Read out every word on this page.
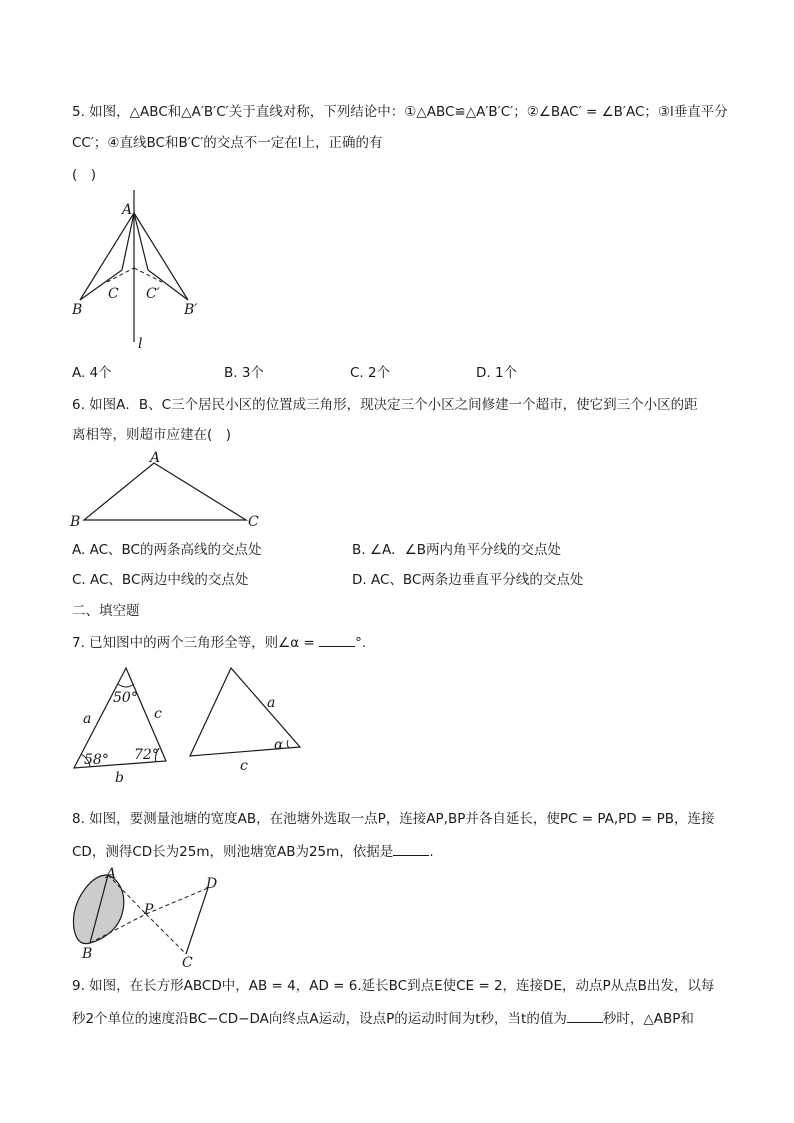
5. 如图，△ABC和△A′B′C′关于直线对称，下列结论中：①△ABC≌△A′B′C′；②∠BAC′ = ∠B′AC；③l垂直平分
CC′；④直线BC和B′C′的交点不一定在l上，正确的有
(　)
A
B
C C′
B′
l
A. 4个	B. 3个	C. 2个	D. 1个
6. 如图A．B、C三个居民小区的位置成三角形，现决定三个小区之间修建一个超市，使它到三个小区的距
离相等，则超市应建在(　)
A
B	C
A. AC、BC的两条高线的交点处	B. ∠A．∠B两内角平分线的交点处
C. AC、BC两边中线的交点处	D. AC、BC两条边垂直平分线的交点处
二、填空题
7. 已知图中的两个三角形全等，则∠α =	°.
50°
58° 72°
a
b
c
a
c
α
8. 如图，要测量池塘的宽度AB，在池塘外选取一点P，连接AP,BP并各自延长，使PC = PA,PD = PB，连接
CD，测得CD长为25m，则池塘宽AB为25m，依据是	.
A
B
C
D
P
9. 如图，在长方形ABCD中，AB = 4，AD = 6.延长BC到点E使CE = 2，连接DE，动点P从点B出发，以每
秒2个单位的速度沿BC−CD−DA向终点A运动，设点P的运动时间为t秒，当t的值为	秒时，△ABP和
